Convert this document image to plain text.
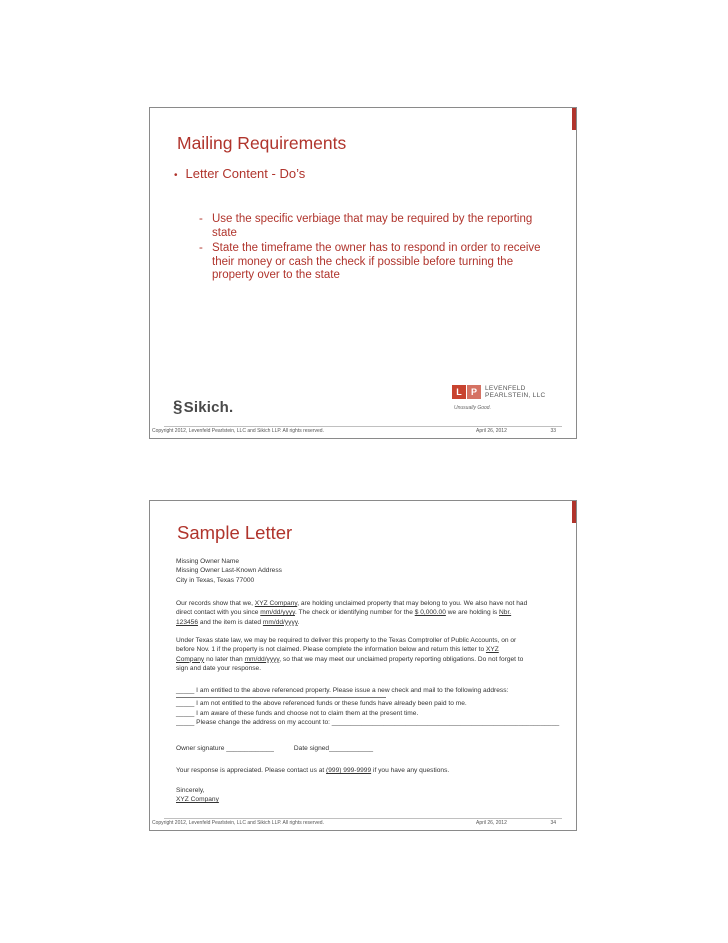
Mailing Requirements
• Letter Content - Do’s
- Use the specific verbiage that may be required by the reporting state
- State the timeframe the owner has to respond in order to receive their money or cash the check if possible before turning the property over to the state
§Sikich.
L	P	LEVENFELD
PEARLSTEIN, LLC
Unusually Good.
Copyright 2012, Levenfeld Pearlstein, LLC and Sikich LLP. All rights reserved.	April 26, 2012	33
Sample Letter
Missing Owner Name
Missing Owner Last-Known Address
City in Texas, Texas 77000
Our records show that we, XYZ Company, are holding unclaimed property that may belong to you. We also have not had
direct contact with you since mm/dd/yyyy. The check or identifying number for the $ 0,000.00 we are holding is Nbr.
123456 and the item is dated mm/dd/yyyy.
Under Texas state law, we may be required to deliver this property to the Texas Comptroller of Public Accounts, on or
before Nov. 1 if the property is not claimed. Please complete the information below and return this letter to XYZ
Company no later than mm/dd/yyyy, so that we may meet our unclaimed property reporting obligations. Do not forget to
sign and date your response.
_____ I am entitled to the above referenced property. Please issue a new check and mail to the following address:
_____ I am not entitled to the above referenced funds or these funds have already been paid to me.
_____ I am aware of these funds and choose not to claim them at the present time.
_____ Please change the address on my account to: ______________________________________________________________
Owner signature _____________	Date signed____________
Your response is appreciated. Please contact us at (999) 999-9999 if you have any questions.
Sincerely,
XYZ Company
Copyright 2012, Levenfeld Pearlstein, LLC and Sikich LLP. All rights reserved.	April 26, 2012	34
